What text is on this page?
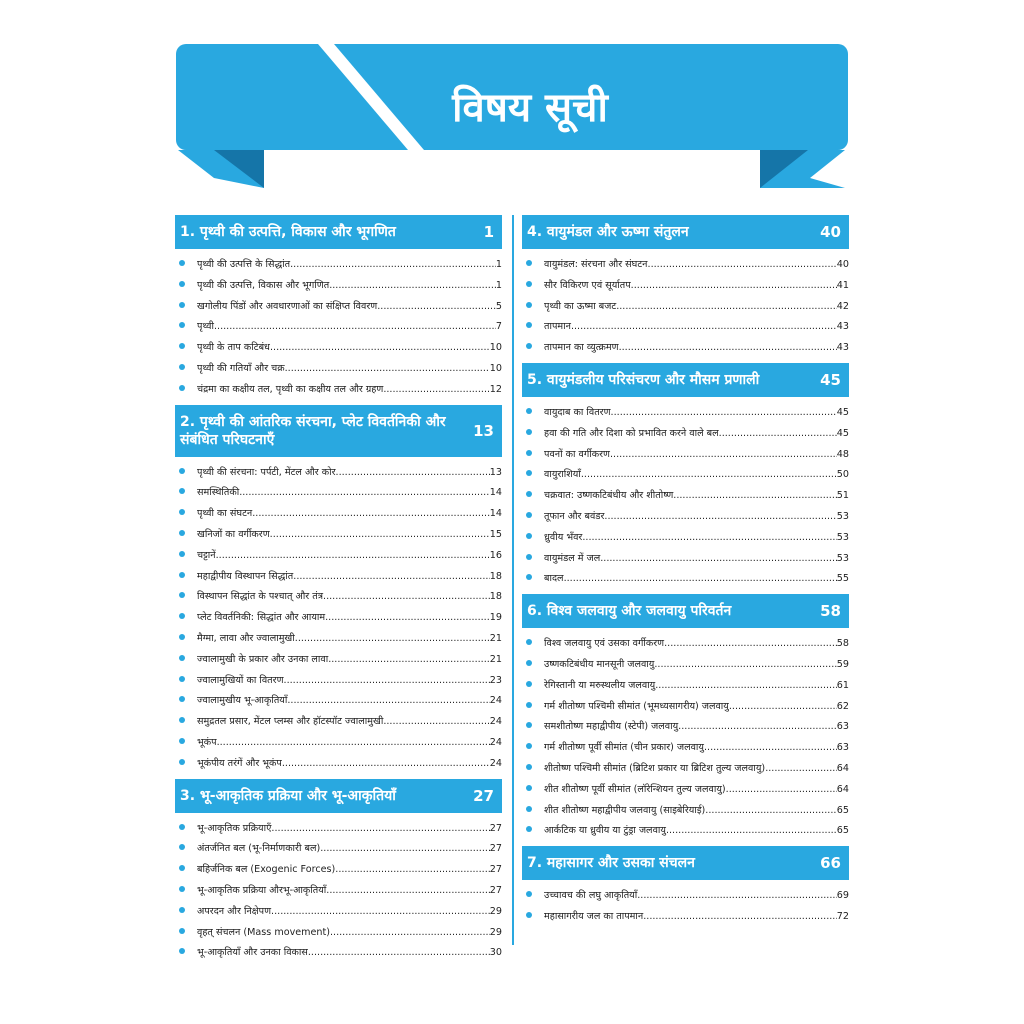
विषय सूची
1. पृथ्वी की उत्पत्ति, विकास और भूगणित	1
पृथ्वी की उत्पत्ति के सिद्धांत .....	1
पृथ्वी की उत्पत्ति, विकास और भूगणित .....	1
खगोलीय पिंडों और अवधारणाओं का संक्षिप्त विवरण .....	5
पृथ्वी .....	7
पृथ्वी के ताप कटिबंध .....	10
पृथ्वी की गतियाँ और चक्र .....	10
चंद्रमा का कक्षीय तल, पृथ्वी का कक्षीय तल और ग्रहण .....	12
2. पृथ्वी की आंतरिक संरचना, प्लेट विवर्तनिकी और संबंधित परिघटनाएँ	13
पृथ्वी की संरचना: पर्पटी, मेंटल और कोर .....	13
समस्थितिकी .....	14
पृथ्वी का संघटन .....	14
खनिजों का वर्गीकरण .....	15
चट्टानें .....	16
महाद्वीपीय विस्थापन सिद्धांत .....	18
विस्थापन सिद्धांत के पश्चात् और तंत्र .....	18
प्लेट विवर्तनिकी: सिद्धांत और आयाम .....	19
मैग्मा, लावा और ज्वालामुखी .....	21
ज्वालामुखी के प्रकार और उनका लावा .....	21
ज्वालामुखियों का वितरण .....	23
ज्वालामुखीय भू-आकृतियाँ .....	24
समुद्रतल प्रसार, मेंटल प्लम्स और हॉटस्पॉट ज्वालामुखी .....	24
भूकंप .....	24
भूकंपीय तरंगें और भूकंप .....	24
3. भू-आकृतिक प्रक्रिया और भू-आकृतियाँ	27
भू-आकृतिक प्रक्रियाएँ .....	27
अंतर्जनित बल (भू-निर्माणकारी बल) .....	27
बहिर्जनिक बल (Exogenic Forces) .....	27
भू-आकृतिक प्रक्रिया औरभू-आकृतियाँ .....	27
अपरदन और निक्षेपण .....	29
वृहत् संचलन (Mass movement) .....	29
भू-आकृतियाँ और उनका विकास .....	30
4. वायुमंडल और ऊष्मा संतुलन	40
वायुमंडल: संरचना और संघटन .....	40
सौर विकिरण एवं सूर्यातप .....	41
पृथ्वी का ऊष्मा बजट .....	42
तापमान .....	43
तापमान का व्युत्क्रमण .....	43
5. वायुमंडलीय परिसंचरण और मौसम प्रणाली	45
वायुदाब का वितरण .....	45
हवा की गति और दिशा को प्रभावित करने वाले बल .....	45
पवनों का वर्गीकरण .....	48
वायुराशियाँ .....	50
चक्रवात: उष्णकटिबंधीय और शीतोष्ण .....	51
तूफान और बवंडर .....	53
ध्रुवीय भँवर .....	53
वायुमंडल में जल .....	53
बादल .....	55
6. विश्व जलवायु और जलवायु परिवर्तन	58
विश्व जलवायु एवं उसका वर्गीकरण .....	58
उष्णकटिबंधीय मानसूनी जलवायु .....	59
रेगिस्तानी या मरुस्थलीय जलवायु .....	61
गर्म शीतोष्ण पश्चिमी सीमांत (भूमध्यसागरीय) जलवायु .....	62
समशीतोष्ण महाद्वीपीय (स्टेपी) जलवायु .....	63
गर्म शीतोष्ण पूर्वी सीमांत (चीन प्रकार) जलवायु .....	63
शीतोष्ण पश्चिमी सीमांत (ब्रिटिश प्रकार या ब्रिटिश तुल्य जलवायु) .....	64
शीत शीतोष्ण पूर्वी सीमांत (लॉरेन्शियन तुल्य जलवायु) .....	64
शीत शीतोष्ण महाद्वीपीय जलवायु (साइबेरियाई) .....	65
आर्कटिक या ध्रुवीय या टुंड्रा जलवायु .....	65
7. महासागर और उसका संचलन	66
उच्चावच की लघु आकृतियाँ .....	69
महासागरीय जल का तापमान .....	72
